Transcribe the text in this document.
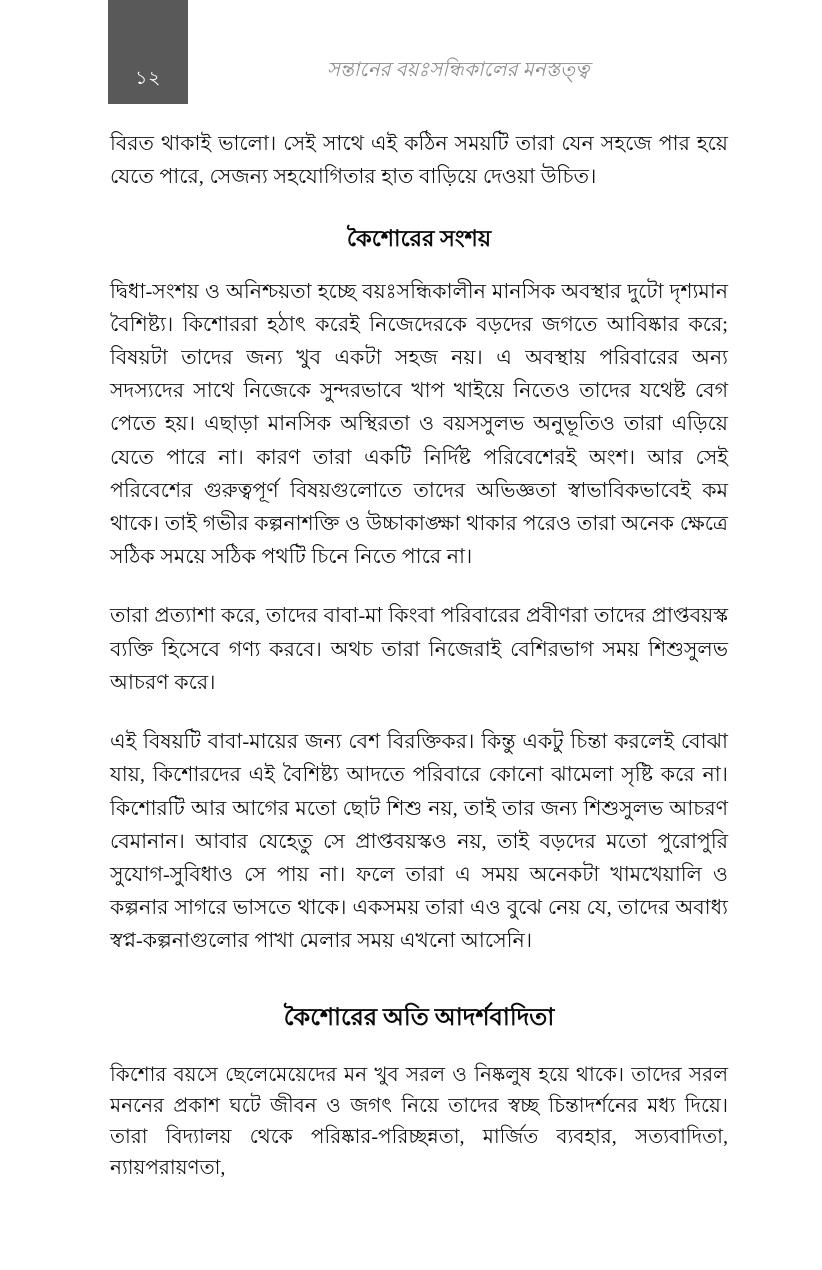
১২	সন্তানের বয়ঃসন্ধিকালের মনস্তত্ত্ব

বিরত থাকাই ভালো। সেই সাথে এই কঠিন সময়টি তারা যেন সহজে পার হয়ে যেতে পারে, সেজন্য সহযোগিতার হাত বাড়িয়ে দেওয়া উচিত।

কৈশোরের সংশয়

দ্বিধা-সংশয় ও অনিশ্চয়তা হচ্ছে বয়ঃসন্ধিকালীন মানসিক অবস্থার দুটো দৃশ্যমান বৈশিষ্ট্য। কিশোররা হঠাৎ করেই নিজেদেরকে বড়দের জগতে আবিষ্কার করে; বিষয়টা তাদের জন্য খুব একটা সহজ নয়। এ অবস্থায় পরিবারের অন্য সদস্যদের সাথে নিজেকে সুন্দরভাবে খাপ খাইয়ে নিতেও তাদের যথেষ্ট বেগ পেতে হয়। এছাড়া মানসিক অস্থিরতা ও বয়সসুলভ অনুভূতিও তারা এড়িয়ে যেতে পারে না। কারণ তারা একটি নির্দিষ্ট পরিবেশেরই অংশ। আর সেই পরিবেশের গুরুত্বপূর্ণ বিষয়গুলোতে তাদের অভিজ্ঞতা স্বাভাবিকভাবেই কম থাকে। তাই গভীর কল্পনাশক্তি ও উচ্চাকাঙ্ক্ষা থাকার পরেও তারা অনেক ক্ষেত্রে সঠিক সময়ে সঠিক পথটি চিনে নিতে পারে না।

তারা প্রত্যাশা করে, তাদের বাবা-মা কিংবা পরিবারের প্রবীণরা তাদের প্রাপ্তবয়স্ক ব্যক্তি হিসেবে গণ্য করবে। অথচ তারা নিজেরাই বেশিরভাগ সময় শিশুসুলভ আচরণ করে।

এই বিষয়টি বাবা-মায়ের জন্য বেশ বিরক্তিকর। কিন্তু একটু চিন্তা করলেই বোঝা যায়, কিশোরদের এই বৈশিষ্ট্য আদতে পরিবারে কোনো ঝামেলা সৃষ্টি করে না। কিশোরটি আর আগের মতো ছোট শিশু নয়, তাই তার জন্য শিশুসুলভ আচরণ বেমানান। আবার যেহেতু সে প্রাপ্তবয়স্কও নয়, তাই বড়দের মতো পুরোপুরি সুযোগ-সুবিধাও সে পায় না। ফলে তারা এ সময় অনেকটা খামখেয়ালি ও কল্পনার সাগরে ভাসতে থাকে। একসময় তারা এও বুঝে নেয় যে, তাদের অবাধ্য স্বপ্ন-কল্পনাগুলোর পাখা মেলার সময় এখনো আসেনি।

কৈশোরের অতি আদর্শবাদিতা

কিশোর বয়সে ছেলেমেয়েদের মন খুব সরল ও নিষ্কলুষ হয়ে থাকে। তাদের সরল মননের প্রকাশ ঘটে জীবন ও জগৎ নিয়ে তাদের স্বচ্ছ চিন্তাদর্শনের মধ্য দিয়ে। তারা বিদ্যালয় থেকে পরিষ্কার-পরিচ্ছন্নতা, মার্জিত ব্যবহার, সত্যবাদিতা, ন্যায়পরায়ণতা,
